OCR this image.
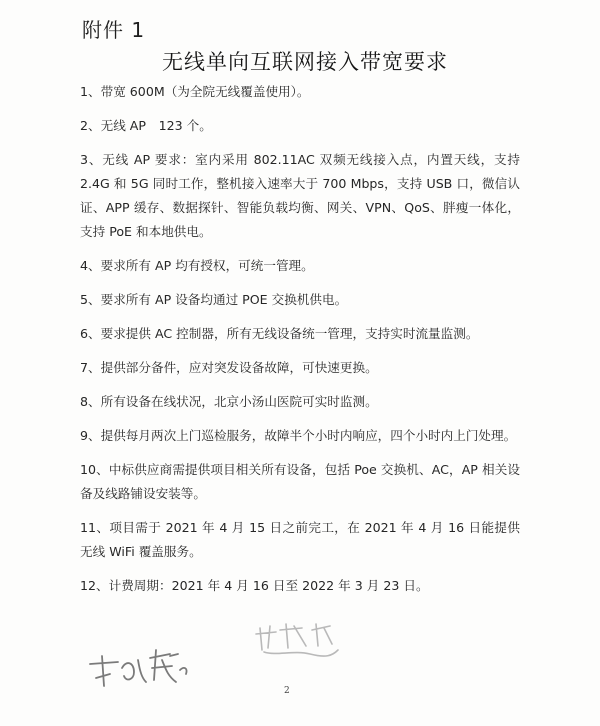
附件 1
无线单向互联网接入带宽要求
1、带宽 600M（为全院无线覆盖使用）。
2、无线 AP　123 个。
3、无线 AP 要求：室内采用 802.11AC 双频无线接入点，内置天线，支持 2.4G 和 5G 同时工作，整机接入速率大于 700 Mbps，支持 USB 口，微信认证、APP 缓存、数据探针、智能负载均衡、网关、VPN、QoS、胖瘦一体化，支持 PoE 和本地供电。
4、要求所有 AP 均有授权，可统一管理。
5、要求所有 AP 设备均通过 POE 交换机供电。
6、要求提供 AC 控制器，所有无线设备统一管理，支持实时流量监测。
7、提供部分备件，应对突发设备故障，可快速更换。
8、所有设备在线状况，北京小汤山医院可实时监测。
9、提供每月两次上门巡检服务，故障半个小时内响应，四个小时内上门处理。
10、中标供应商需提供项目相关所有设备，包括 Poe 交换机、AC，AP 相关设备及线路铺设安装等。
11、项目需于 2021 年 4 月 15 日之前完工，在 2021 年 4 月 16 日能提供无线 WiFi 覆盖服务。
12、计费周期：2021 年 4 月 16 日至 2022 年 3 月 23 日。
2
